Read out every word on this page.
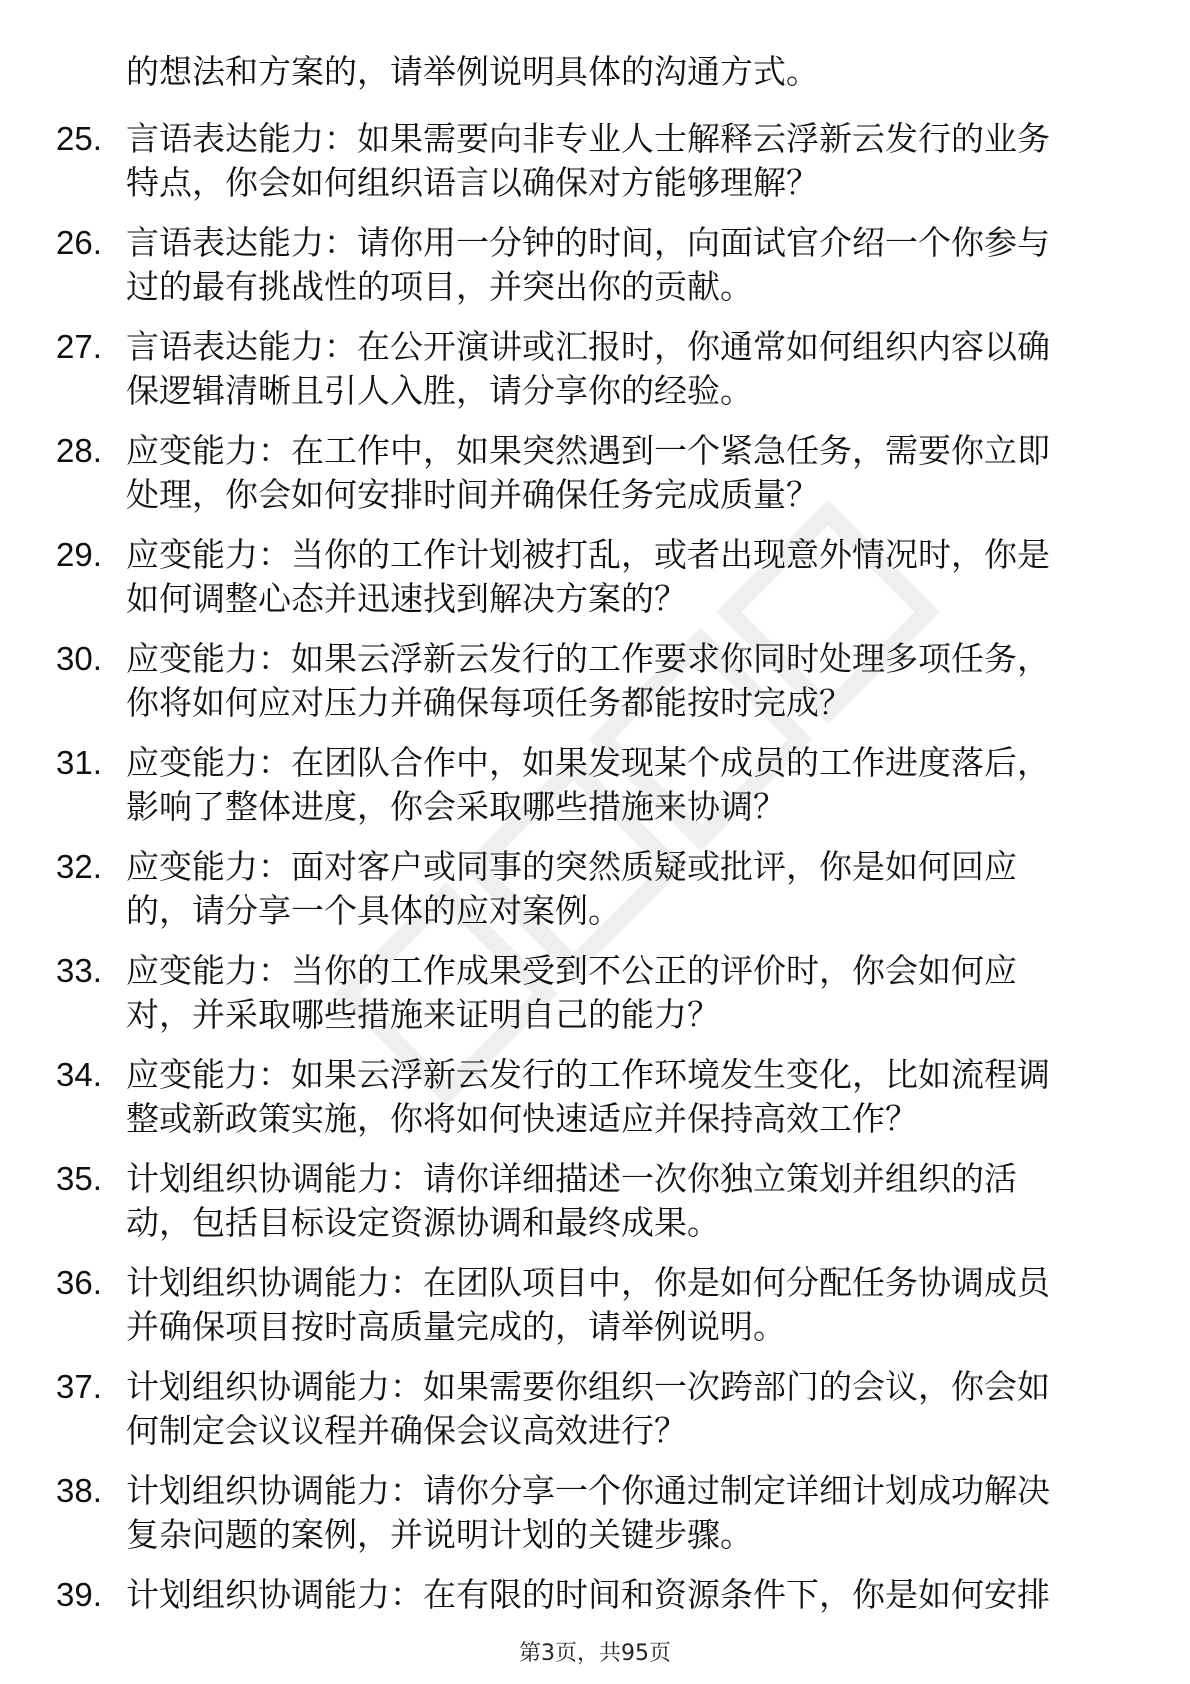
的想法和方案的，请举例说明具体的沟通方式。
25. 言语表达能力：如果需要向非专业人士解释云浮新云发行的业务
特点，你会如何组织语言以确保对方能够理解？
26. 言语表达能力：请你用一分钟的时间，向面试官介绍一个你参与
过的最有挑战性的项目，并突出你的贡献。
27. 言语表达能力：在公开演讲或汇报时，你通常如何组织内容以确
保逻辑清晰且引人入胜，请分享你的经验。
28. 应变能力：在工作中，如果突然遇到一个紧急任务，需要你立即
处理，你会如何安排时间并确保任务完成质量？
29. 应变能力：当你的工作计划被打乱，或者出现意外情况时，你是
如何调整心态并迅速找到解决方案的？
30. 应变能力：如果云浮新云发行的工作要求你同时处理多项任务，
你将如何应对压力并确保每项任务都能按时完成？
31. 应变能力：在团队合作中，如果发现某个成员的工作进度落后，
影响了整体进度，你会采取哪些措施来协调？
32. 应变能力：面对客户或同事的突然质疑或批评，你是如何回应
的，请分享一个具体的应对案例。
33. 应变能力：当你的工作成果受到不公正的评价时，你会如何应
对，并采取哪些措施来证明自己的能力？
34. 应变能力：如果云浮新云发行的工作环境发生变化，比如流程调
整或新政策实施，你将如何快速适应并保持高效工作？
35. 计划组织协调能力：请你详细描述一次你独立策划并组织的活
动，包括目标设定资源协调和最终成果。
36. 计划组织协调能力：在团队项目中，你是如何分配任务协调成员
并确保项目按时高质量完成的，请举例说明。
37. 计划组织协调能力：如果需要你组织一次跨部门的会议，你会如
何制定会议议程并确保会议高效进行？
38. 计划组织协调能力：请你分享一个你通过制定详细计划成功解决
复杂问题的案例，并说明计划的关键步骤。
39. 计划组织协调能力：在有限的时间和资源条件下，你是如何安排
第3页，共95页
